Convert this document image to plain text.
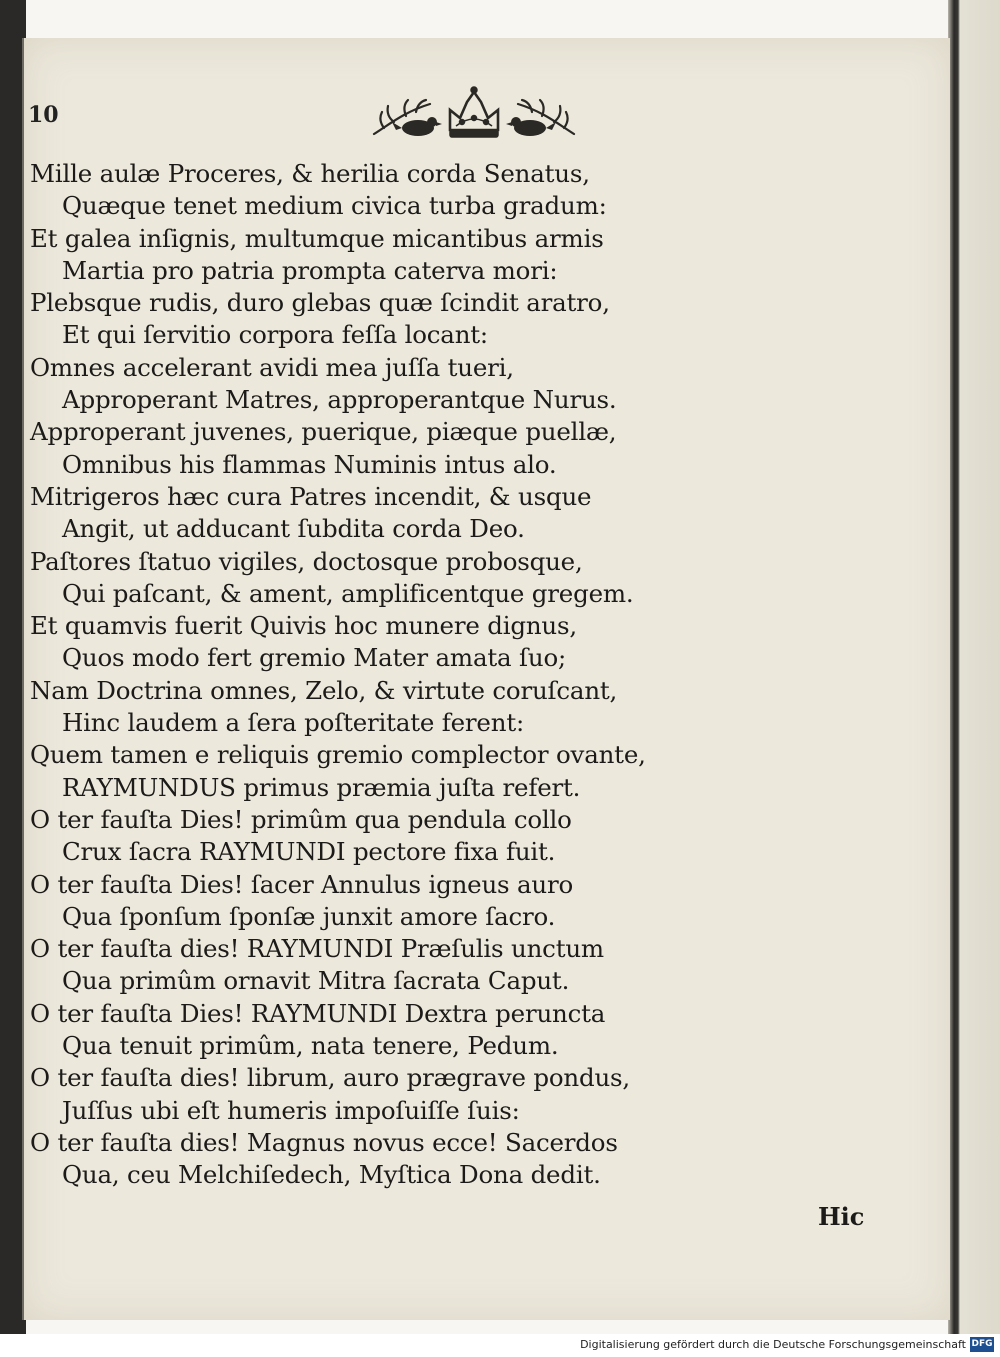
10
Mille aulæ Proceres, & herilia corda Senatus,
Quæque tenet medium civica turba gradum:
Et galea inſignis, multumque micantibus armis
Martia pro patria prompta caterva mori:
Plebsque rudis, duro glebas quæ ſcindit aratro,
Et qui ſervitio corpora feſſa locant:
Omnes accelerant avidi mea juſſa tueri,
Approperant Matres, approperantque Nurus.
Approperant juvenes, puerique, piæque puellæ,
Omnibus his flammas Numinis intus alo.
Mitrigeros hæc cura Patres incendit, & usque
Angit, ut adducant ſubdita corda Deo.
Paſtores ſtatuo vigiles, doctosque probosque,
Qui paſcant, & ament, amplificentque gregem.
Et quamvis fuerit Quivis hoc munere dignus,
Quos modo fert gremio Mater amata ſuo;
Nam Doctrina omnes, Zelo, & virtute coruſcant,
Hinc laudem a ſera poſteritate ferent:
Quem tamen e reliquis gremio complector ovante,
RAYMUNDUS primus præmia juſta refert.
O ter fauſta Dies! primûm qua pendula collo
Crux ſacra RAYMUNDI pectore fixa fuit.
O ter fauſta Dies! ſacer Annulus igneus auro
Qua ſponſum ſponſæ junxit amore ſacro.
O ter fauſta dies! RAYMUNDI Præſulis unctum
Qua primûm ornavit Mitra ſacrata Caput.
O ter fauſta Dies! RAYMUNDI Dextra peruncta
Qua tenuit primûm, nata tenere, Pedum.
O ter fauſta dies! librum, auro prægrave pondus,
Juſſus ubi eſt humeris impoſuiſſe ſuis:
O ter fauſta dies! Magnus novus ecce! Sacerdos
Qua, ceu Melchiſedech, Myſtica Dona dedit.
Hic
Digitalisierung gefördert durch die Deutsche Forschungsgemeinschaft DFG
